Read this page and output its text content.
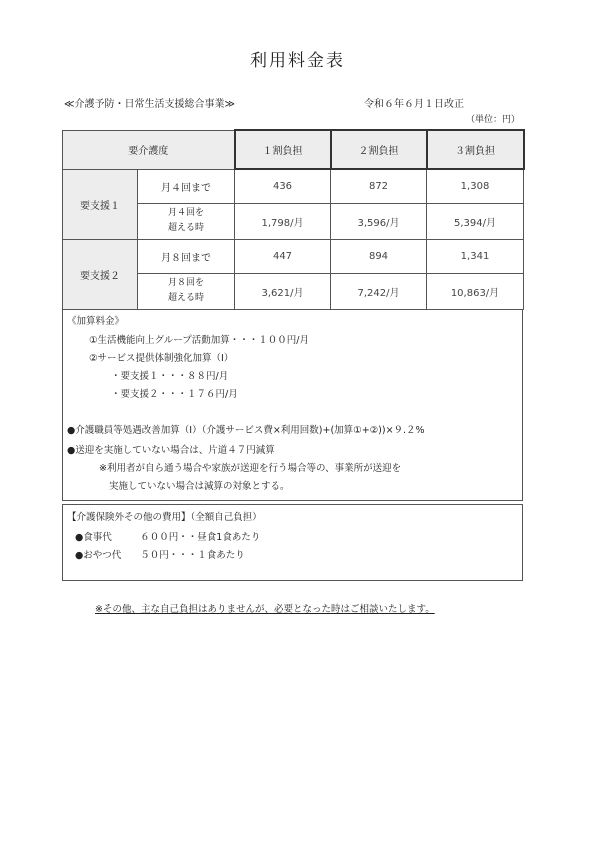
利用料金表
≪介護予防・日常生活支援総合事業≫	令和６年６月１日改正
（単位：円）
要介護度		１割負担	２割負担	３割負担
要支援１	月４回まで	436	872	1,308

	月４回を
超える時	1,798/月	3,596/月	5,394/月
要支援２	月８回まで	447	894	1,341

	月８回を
超える時	3,621/月	7,242/月	10,863/月
《加算料金》
①生活機能向上グループ活動加算・・・１００円/月
②サービス提供体制強化加算（Ⅰ）
・要支援１・・・８８円/月
・要支援２・・・１７６円/月
●介護職員等処遇改善加算（Ⅰ）（介護サービス費×利用回数)+(加算①+②))×９.２%
●送迎を実施していない場合は、片道４７円減算
※利用者が自ら通う場合や家族が送迎を行う場合等の、事業所が送迎を
実施していない場合は減算の対象とする。
【介護保険外その他の費用】（全額自己負担）
●食事代　　　６００円・・昼食1食あたり
●おやつ代　　５０円・・・１食あたり
※その他、主な自己負担はありませんが、必要となった時はご相談いたします。
